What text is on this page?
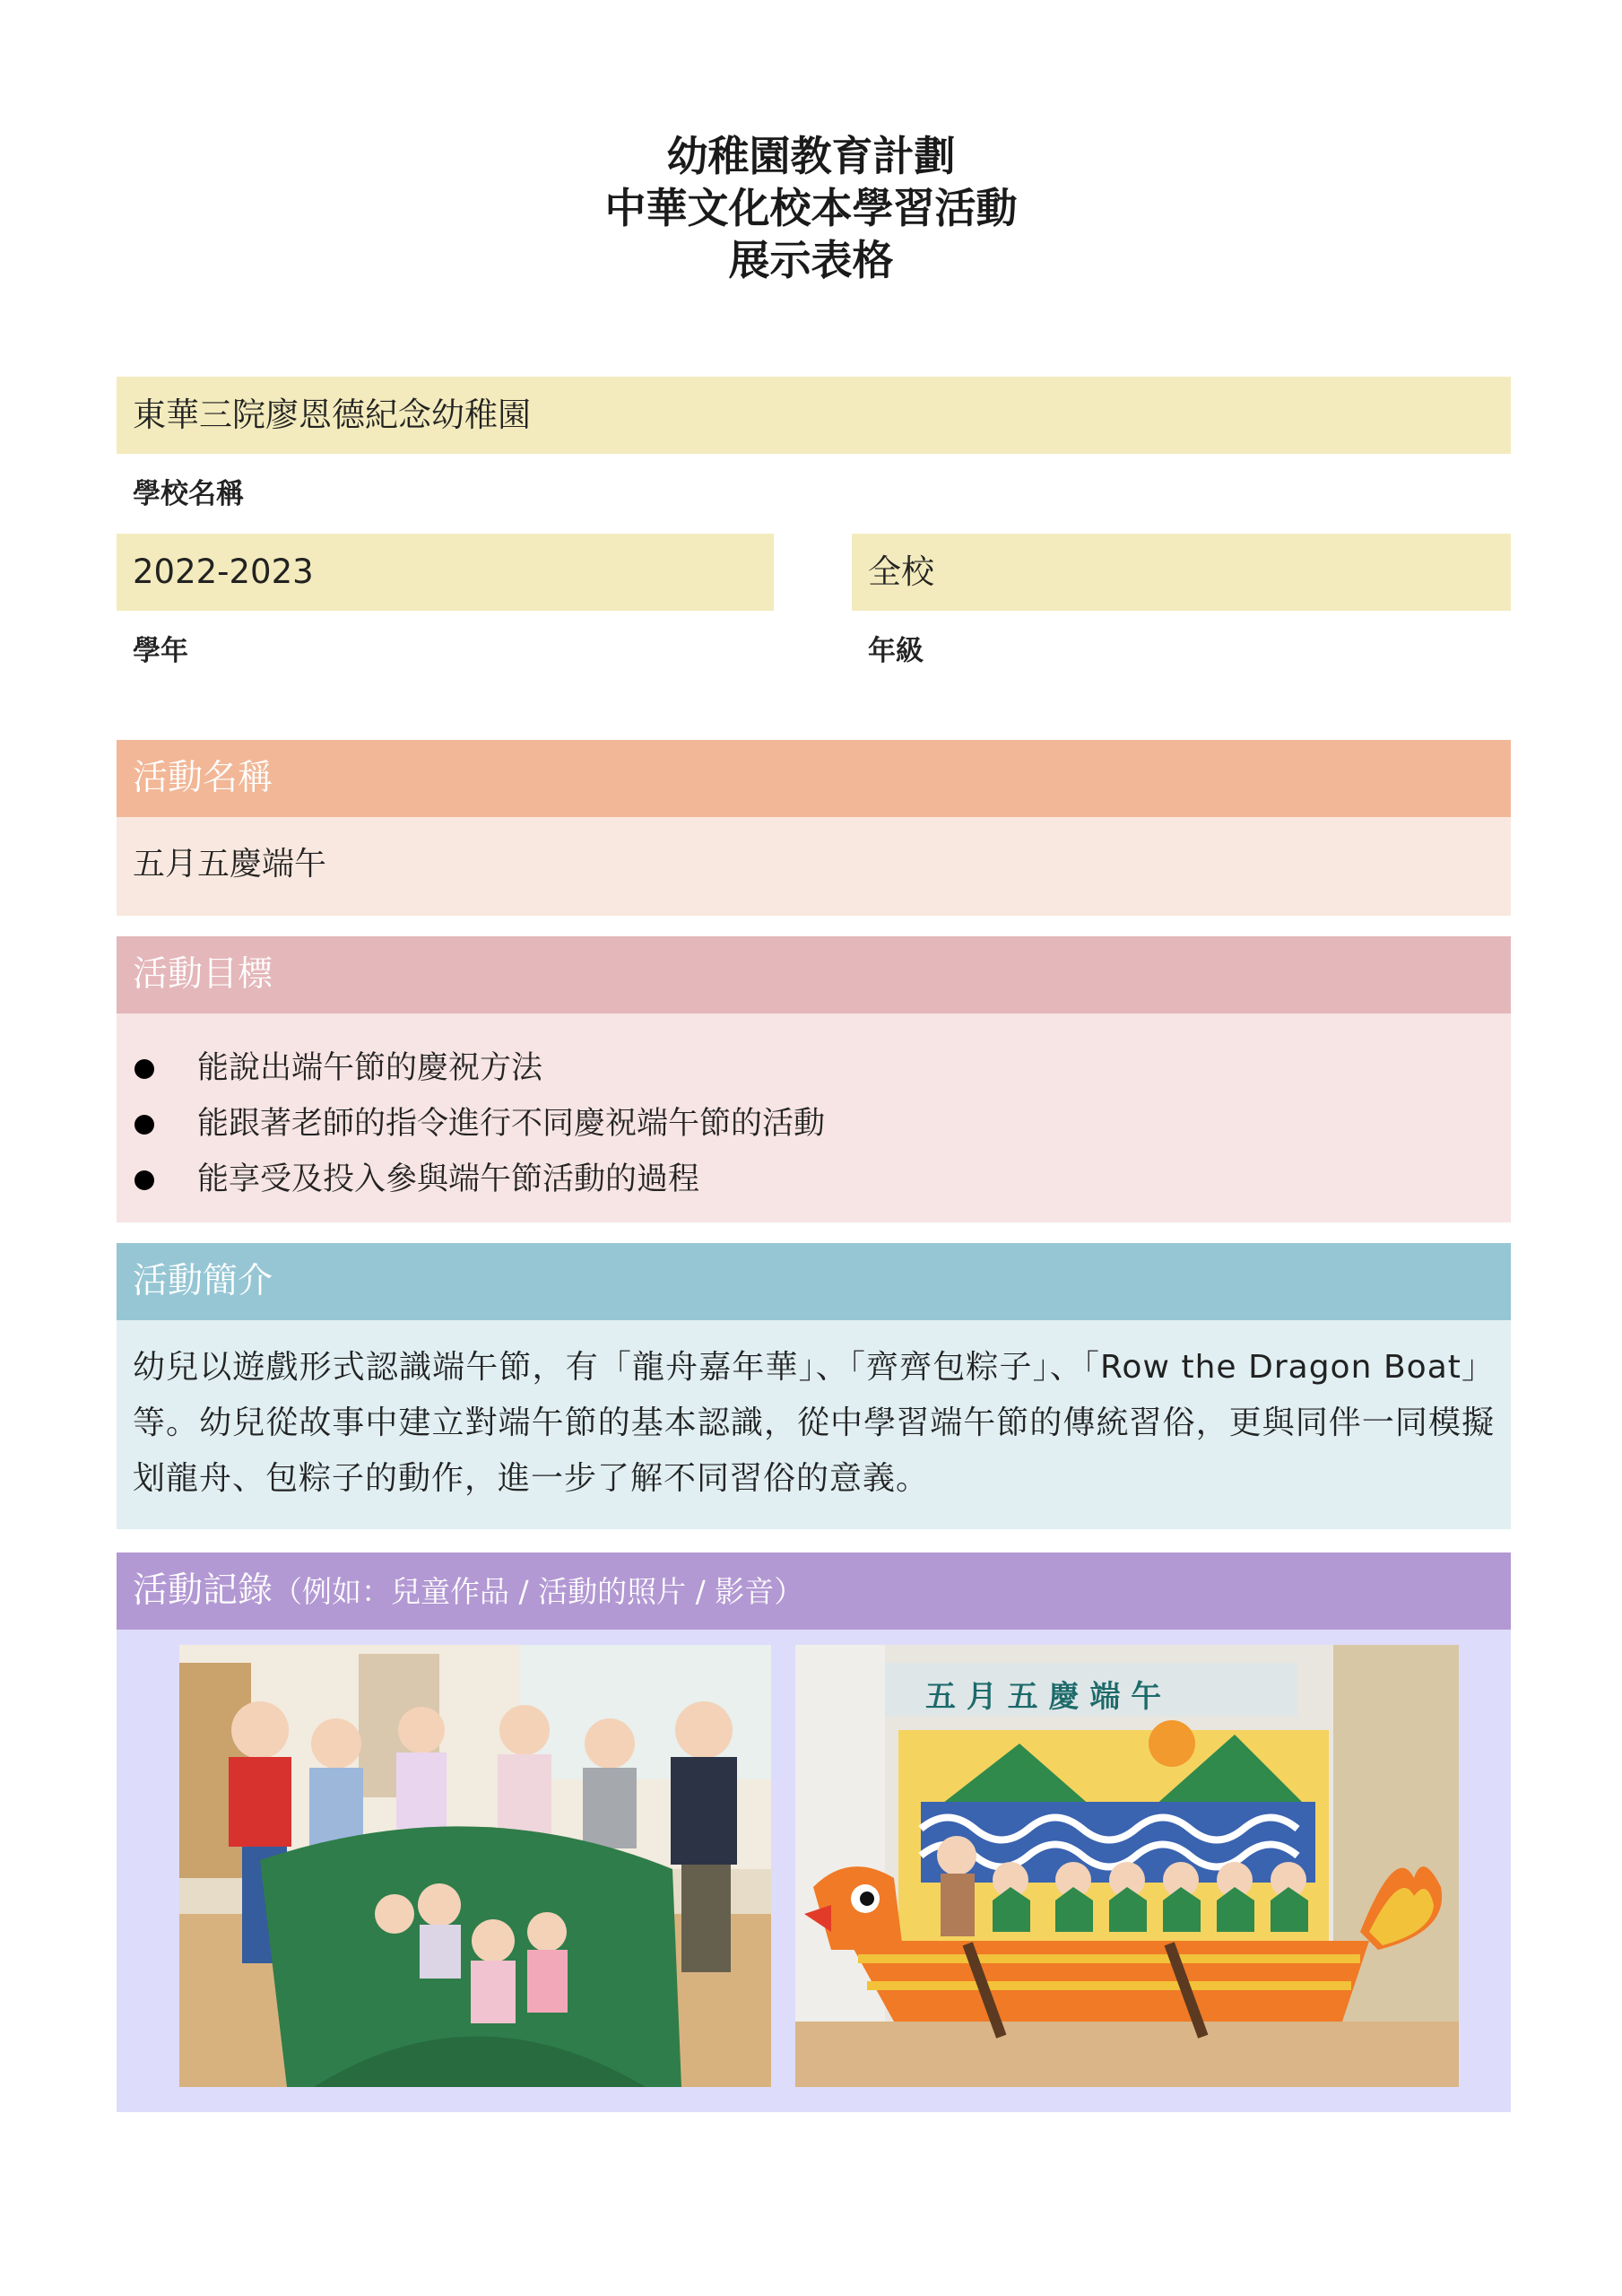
幼稚園教育計劃
中華文化校本學習活動
展示表格
東華三院廖恩德紀念幼稚園
學校名稱
2022-2023
學年
全校
年級
活動名稱
五月五慶端午
活動目標
能說出端午節的慶祝方法
能跟著老師的指令進行不同慶祝端午節的活動
能享受及投入參與端午節活動的過程
活動簡介
幼兒以遊戲形式認識端午節，有「龍舟嘉年華」、「齊齊包粽子」、「Row the Dragon Boat」等。幼兒從故事中建立對端午節的基本認識，從中學習端午節的傳統習俗，更與同伴一同模擬划龍舟、包粽子的動作，進一步了解不同習俗的意義。
活動記錄（例如：兒童作品 / 活動的照片 / 影音）
五 月 五 慶 端 午
